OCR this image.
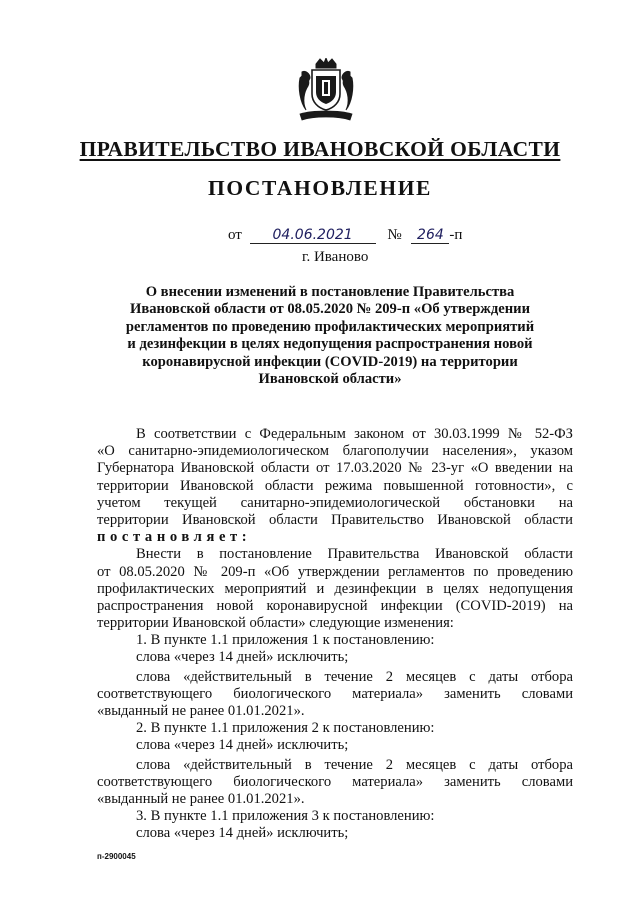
ПРАВИТЕЛЬСТВО ИВАНОВСКОЙ ОБЛАСТИ
ПОСТАНОВЛЕНИЕ
от 04.06.2021 № 264 -п
г. Иваново
О внесении изменений в постановление Правительства
Ивановской области от 08.05.2020 № 209-п «Об утверждении
регламентов по проведению профилактических мероприятий
и дезинфекции в целях недопущения распространения новой
коронавирусной инфекции (COVID-2019) на территории
Ивановской области»
В соответствии с Федеральным законом от 30.03.1999 № 52-ФЗ
«О санитарно-эпидемиологическом благополучии населения», указом
Губернатора Ивановской области от 17.03.2020 № 23-уг «О введении на
территории Ивановской области режима повышенной готовности», с
учетом текущей санитарно-эпидемиологической обстановки на
территории Ивановской области Правительство Ивановской области
постановляет:
Внести в постановление Правительства Ивановской области
от 08.05.2020 № 209-п «Об утверждении регламентов по проведению
профилактических мероприятий и дезинфекции в целях недопущения
распространения новой коронавирусной инфекции (COVID-2019) на
территории Ивановской области» следующие изменения:
1. В пункте 1.1 приложения 1 к постановлению:
слова «через 14 дней» исключить;
слова «действительный в течение 2 месяцев с даты отбора
соответствующего биологического материала» заменить словами
«выданный не ранее 01.01.2021».
2. В пункте 1.1 приложения 2 к постановлению:
слова «через 14 дней» исключить;
слова «действительный в течение 2 месяцев с даты отбора
соответствующего биологического материала» заменить словами
«выданный не ранее 01.01.2021».
3. В пункте 1.1 приложения 3 к постановлению:
слова «через 14 дней» исключить;
п-2900045
